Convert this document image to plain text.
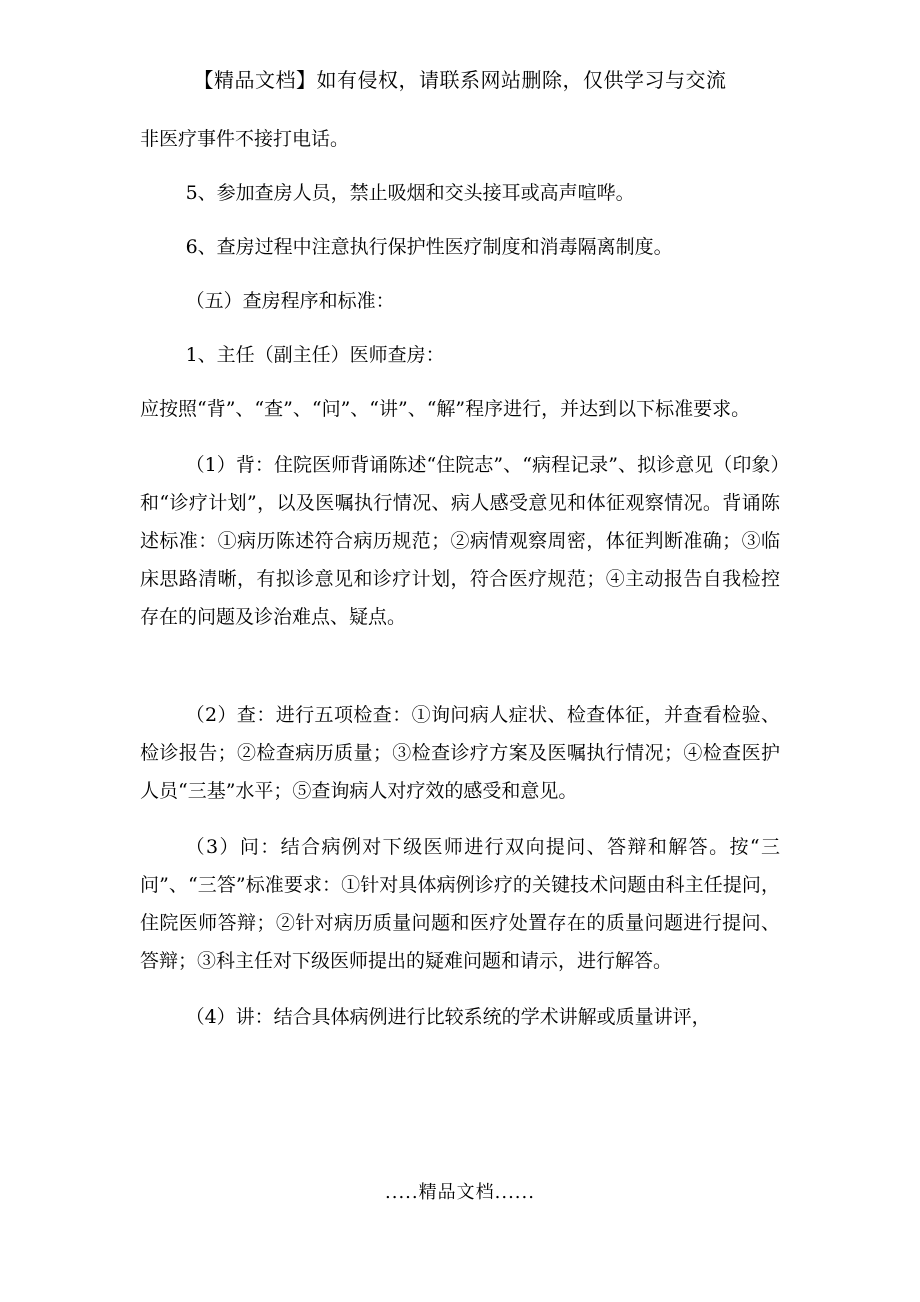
【精品文档】如有侵权，请联系网站删除，仅供学习与交流

非医疗事件不接打电话。

5、参加查房人员，禁止吸烟和交头接耳或高声喧哗。

6、查房过程中注意执行保护性医疗制度和消毒隔离制度。

（五）查房程序和标准：

1、主任（副主任）医师查房：

应按照“背”、“查”、“问”、“讲”、“解”程序进行，并达到以下标准要求。

（1）背：住院医师背诵陈述“住院志”、“病程记录”、拟诊意见（印象）和“诊疗计划”，以及医嘱执行情况、病人感受意见和体征观察情况。背诵陈述标准：①病历陈述符合病历规范；②病情观察周密，体征判断准确；③临床思路清晰，有拟诊意见和诊疗计划，符合医疗规范；④主动报告自我检控存在的问题及诊治难点、疑点。

（2）查：进行五项检查：①询问病人症状、检查体征，并查看检验、检诊报告；②检查病历质量；③检查诊疗方案及医嘱执行情况；④检查医护人员“三基”水平；⑤查询病人对疗效的感受和意见。

（3）问：结合病例对下级医师进行双向提问、答辩和解答。按“三问”、“三答”标准要求：①针对具体病例诊疗的关键技术问题由科主任提问，住院医师答辩；②针对病历质量问题和医疗处置存在的质量问题进行提问、答辩；③科主任对下级医师提出的疑难问题和请示，进行解答。

（4）讲：结合具体病例进行比较系统的学术讲解或质量讲评，

.....精品文档......
